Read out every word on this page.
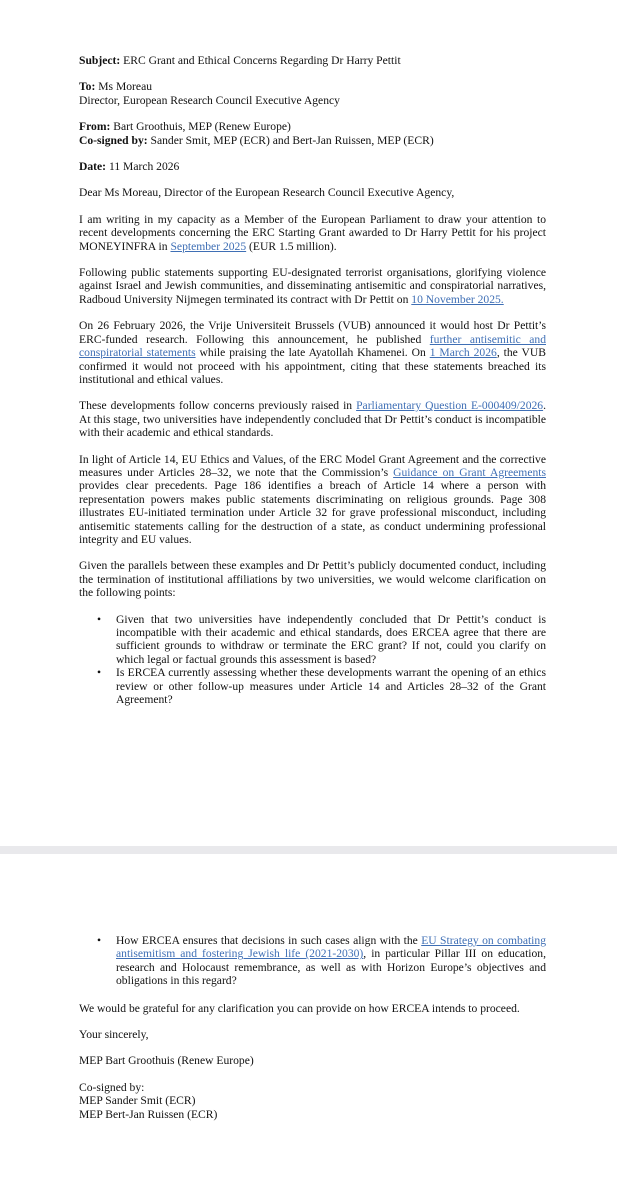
Subject: ERC Grant and Ethical Concerns Regarding Dr Harry Pettit

To: Ms Moreau
Director, European Research Council Executive Agency

From: Bart Groothuis, MEP (Renew Europe)
Co-signed by: Sander Smit, MEP (ECR) and Bert-Jan Ruissen, MEP (ECR)

Date: 11 March 2026

Dear Ms Moreau, Director of the European Research Council Executive Agency,

I am writing in my capacity as a Member of the European Parliament to draw your attention to recent developments concerning the ERC Starting Grant awarded to Dr Harry Pettit for his project MONEYINFRA in September 2025 (EUR 1.5 million).

Following public statements supporting EU-designated terrorist organisations, glorifying violence against Israel and Jewish communities, and disseminating antisemitic and conspiratorial narratives, Radboud University Nijmegen terminated its contract with Dr Pettit on 10 November 2025.

On 26 February 2026, the Vrije Universiteit Brussels (VUB) announced it would host Dr Pettit’s ERC-funded research. Following this announcement, he published further antisemitic and conspiratorial statements while praising the late Ayatollah Khamenei. On 1 March 2026, the VUB confirmed it would not proceed with his appointment, citing that these statements breached its institutional and ethical values.

These developments follow concerns previously raised in Parliamentary Question E-000409/2026. At this stage, two universities have independently concluded that Dr Pettit’s conduct is incompatible with their academic and ethical standards.

In light of Article 14, EU Ethics and Values, of the ERC Model Grant Agreement and the corrective measures under Articles 28–32, we note that the Commission’s Guidance on Grant Agreements provides clear precedents. Page 186 identifies a breach of Article 14 where a person with representation powers makes public statements discriminating on religious grounds. Page 308 illustrates EU-initiated termination under Article 32 for grave professional misconduct, including antisemitic statements calling for the destruction of a state, as conduct undermining professional integrity and EU values.

Given the parallels between these examples and Dr Pettit’s publicly documented conduct, including the termination of institutional affiliations by two universities, we would welcome clarification on the following points:

• Given that two universities have independently concluded that Dr Pettit’s conduct is incompatible with their academic and ethical standards, does ERCEA agree that there are sufficient grounds to withdraw or terminate the ERC grant? If not, could you clarify on which legal or factual grounds this assessment is based?
• Is ERCEA currently assessing whether these developments warrant the opening of an ethics review or other follow-up measures under Article 14 and Articles 28–32 of the Grant Agreement?
• How ERCEA ensures that decisions in such cases align with the EU Strategy on combating antisemitism and fostering Jewish life (2021-2030), in particular Pillar III on education, research and Holocaust remembrance, as well as with Horizon Europe’s objectives and obligations in this regard?

We would be grateful for any clarification you can provide on how ERCEA intends to proceed.

Your sincerely,

MEP Bart Groothuis (Renew Europe)

Co-signed by:

MEP Sander Smit (ECR)

MEP Bert-Jan Ruissen (ECR)
